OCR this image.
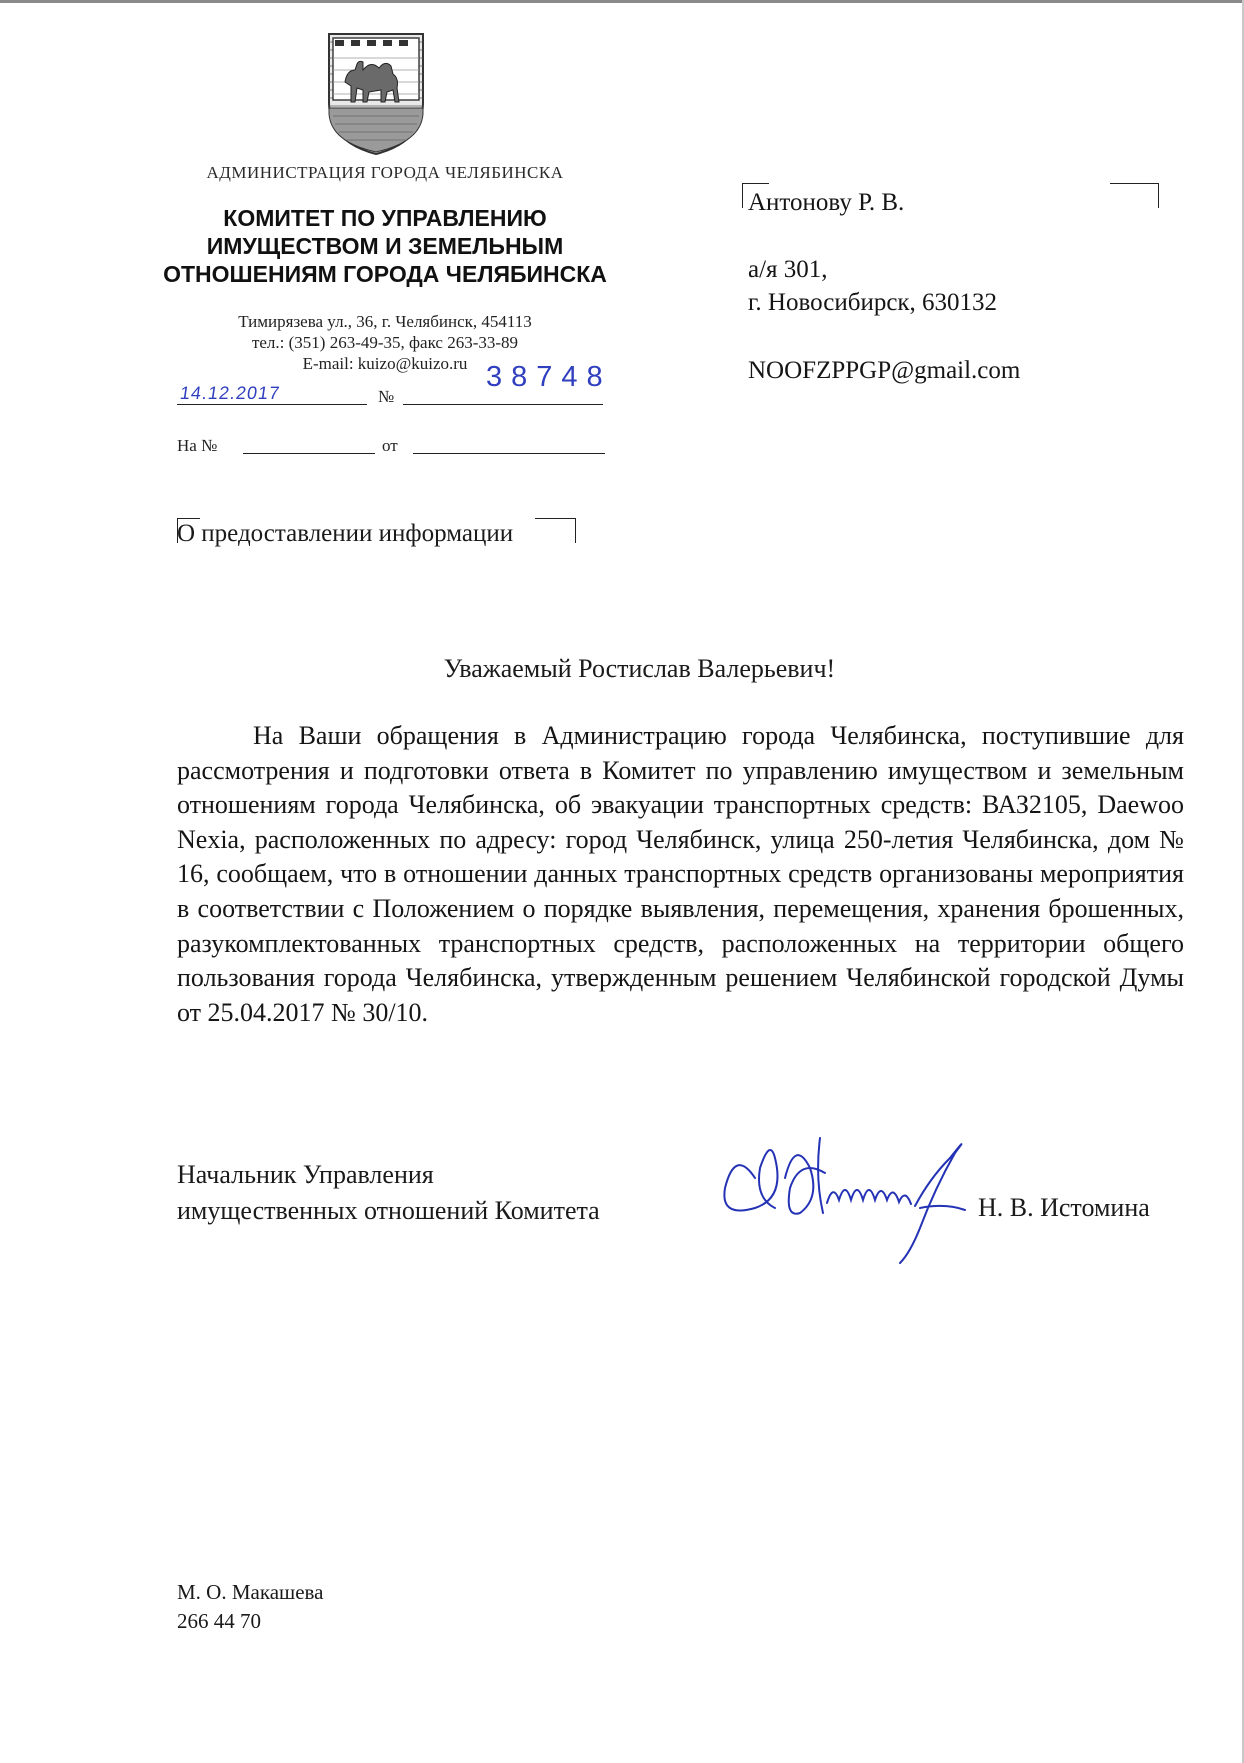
АДМИНИСТРАЦИЯ ГОРОДА ЧЕЛЯБИНСКА
КОМИТЕТ ПО УПРАВЛЕНИЮ
ИМУЩЕСТВОМ И ЗЕМЕЛЬНЫМ
ОТНОШЕНИЯМ ГОРОДА ЧЕЛЯБИНСКА
Тимирязева ул., 36, г. Челябинск, 454113
тел.: (351) 263-49-35, факс 263-33-89
E-mail: kuizo@kuizo.ru
14.12.2017	№
38748
На №	от
Антонову Р. В.
а/я 301,
г. Новосибирск, 630132
NOOFZPPGP@gmail.com
О предоставлении информации
Уважаемый Ростислав Валерьевич!

На Ваши обращения в Администрацию города Челябинска, поступившие для рассмотрения и подготовки ответа в Комитет по управлению имуществом и земельным отношениям города Челябинска, об эвакуации транспортных средств: ВАЗ2105, Daewoo Nexia, расположенных по адресу: город Челябинск, улица 250-летия Челябинска, дом № 16, сообщаем, что в отношении данных транспортных средств организованы мероприятия в соответствии с Положением о порядке выявления, перемещения, хранения брошенных, разукомплектованных транспортных средств, расположенных на территории общего пользования города Челябинска, утвержденным решением Челябинской городской Думы от 25.04.2017 № 30/10.

Начальник Управления
имущественных отношений Комитета	Н. В. Истомина
М. О. Макашева
266 44 70
